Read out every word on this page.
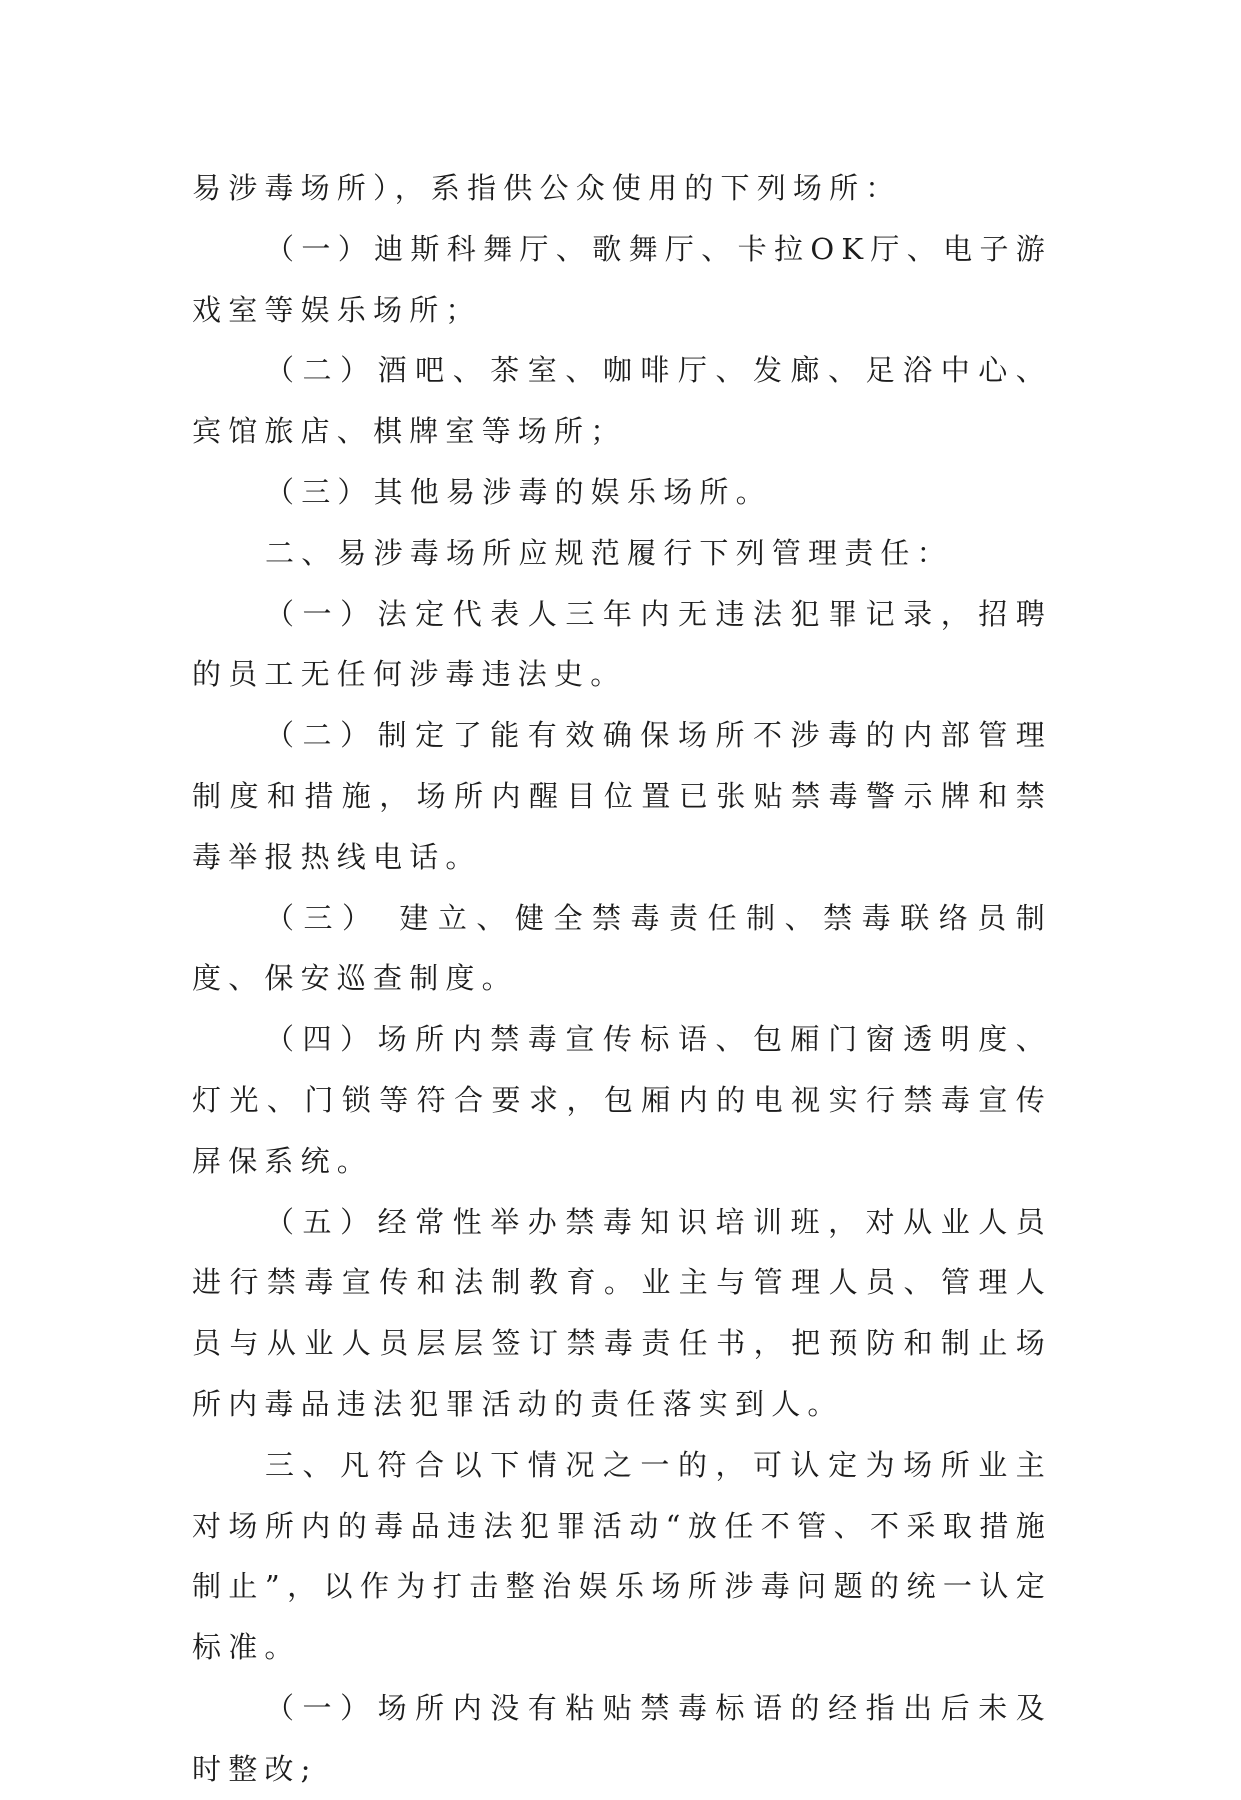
易涉毒场所），系指供公众使用的下列场所：

（一）迪斯科舞厅、歌舞厅、卡拉OK厅、电子游戏室等娱乐场所；

（二）酒吧、茶室、咖啡厅、发廊、足浴中心、宾馆旅店、棋牌室等场所；

（三）其他易涉毒的娱乐场所。

二、易涉毒场所应规范履行下列管理责任：

（一）法定代表人三年内无违法犯罪记录，招聘的员工无任何涉毒违法史。

（二）制定了能有效确保场所不涉毒的内部管理制度和措施，场所内醒目位置已张贴禁毒警示牌和禁毒举报热线电话。

（三） 建立、健全禁毒责任制、禁毒联络员制度、保安巡查制度。

（四）场所内禁毒宣传标语、包厢门窗透明度、灯光、门锁等符合要求，包厢内的电视实行禁毒宣传屏保系统。

（五）经常性举办禁毒知识培训班，对从业人员进行禁毒宣传和法制教育。业主与管理人员、管理人员与从业人员层层签订禁毒责任书，把预防和制止场所内毒品违法犯罪活动的责任落实到人。

三、凡符合以下情况之一的，可认定为场所业主对场所内的毒品违法犯罪活动“放任不管、不采取措施制止”，以作为打击整治娱乐场所涉毒问题的统一认定标准。

（一）场所内没有粘贴禁毒标语的经指出后未及时整改;
